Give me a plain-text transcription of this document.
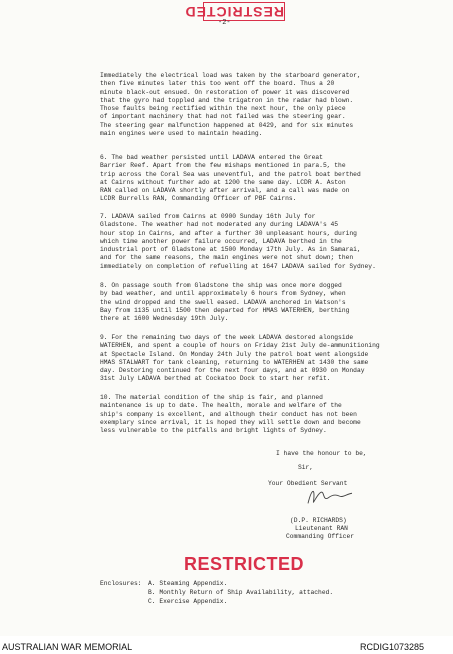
RESTRICTED
-2-

Immediately the electrical load was taken by the starboard generator,
then five minutes later this too went off the board. Thus a 20
minute black-out ensued. On restoration of power it was discovered
that the gyro had toppled and the trigatron in the radar had blown.
Those faults being rectified within the next hour, the only piece
of important machinery that had not failed was the steering gear.
The steering gear malfunction happened at 0429, and for six minutes
main engines were used to maintain heading.

6. The bad weather persisted until LADAVA entered the Great
Barrier Reef. Apart from the few mishaps mentioned in para.5, the
trip across the Coral Sea was uneventful, and the patrol boat berthed
at Cairns without further ado at 1200 the same day. LCDR A. Aston
RAN called on LADAVA shortly after arrival, and a call was made on
LCDR Burrells RAN, Commanding Officer of PBF Cairns.

7. LADAVA sailed from Cairns at 0900 Sunday 16th July for
Gladstone. The weather had not moderated any during LADAVA's 45
hour stop in Cairns, and after a further 30 unpleasant hours, during
which time another power failure occurred, LADAVA berthed in the
industrial port of Gladstone at 1500 Monday 17th July. As in Samarai,
and for the same reasons, the main engines were not shut down; then
immediately on completion of refuelling at 1647 LADAVA sailed for Sydney.

8. On passage south from Gladstone the ship was once more dogged
by bad weather, and until approximately 6 hours from Sydney, when
the wind dropped and the swell eased. LADAVA anchored in Watson's
Bay from 1135 until 1500 then departed for HMAS WATERHEN, berthing
there at 1600 Wednesday 19th July.

9. For the remaining two days of the week LADAVA destored alongside
WATERHEN, and spent a couple of hours on Friday 21st July de-ammunitioning
at Spectacle Island. On Monday 24th July the patrol boat went alongside
HMAS STALWART for tank cleaning, returning to WATERHEN at 1430 the same
day. Destoring continued for the next four days, and at 0930 on Monday
31st July LADAVA berthed at Cockatoo Dock to start her refit.

10. The material condition of the ship is fair, and planned
maintenance is up to date. The health, morale and welfare of the
ship's company is excellent, and although their conduct has not been
exemplary since arrival, it is hoped they will settle down and become
less vulnerable to the pitfalls and bright lights of Sydney.

I have the honour to be,
Sir,
Your Obedient Servant
(D.P. RICHARDS)
Lieutenant RAN
Commanding Officer
RESTRICTED
Enclosures: A. Steaming Appendix.
B. Monthly Return of Ship Availability, attached.
C. Exercise Appendix.
AUSTRALIAN WAR MEMORIAL	RCDIG1073285
